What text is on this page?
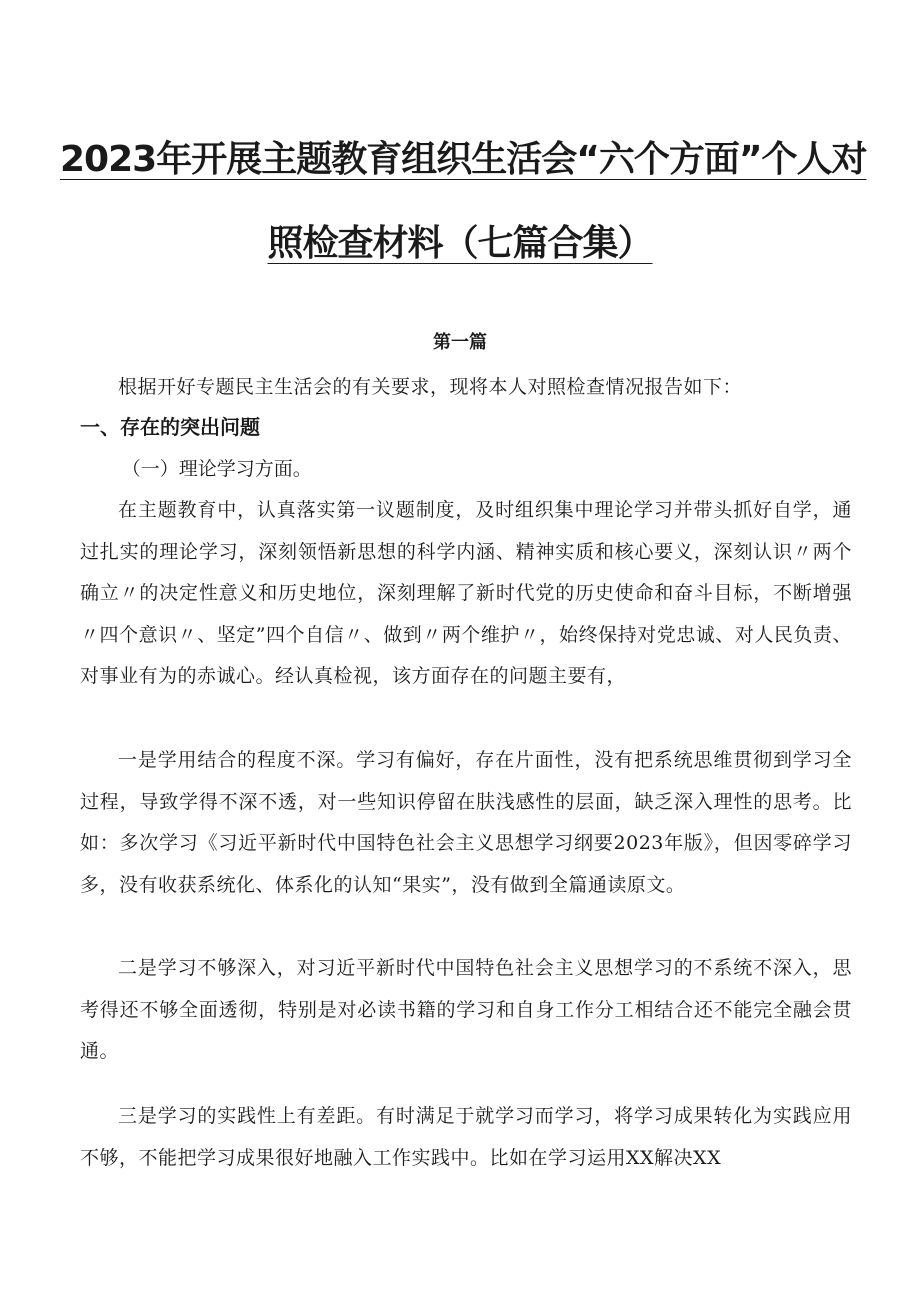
2023年开展主题教育组织生活会“六个方面”个人对
照检查材料（七篇合集）
第一篇

根据开好专题民主生活会的有关要求，现将本人对照检查情况报告如下：

一、存在的突出问题

（一）理论学习方面。

在主题教育中，认真落实第一议题制度，及时组织集中理论学习并带头抓好自学，通过扎实的理论学习，深刻领悟新思想的科学内涵、精神实质和核心要义，深刻认识〃两个确立〃的决定性意义和历史地位，深刻理解了新时代党的历史使命和奋斗目标，不断增强〃四个意识〃、坚定”四个自信〃、做到〃两个维护〃，始终保持对党忠诚、对人民负责、对事业有为的赤诚心。经认真检视，该方面存在的问题主要有，

一是学用结合的程度不深。学习有偏好，存在片面性，没有把系统思维贯彻到学习全过程，导致学得不深不透，对一些知识停留在肤浅感性的层面，缺乏深入理性的思考。比如：多次学习《习近平新时代中国特色社会主义思想学习纲要2023年版》，但因零碎学习多，没有收获系统化、体系化的认知“果实”，没有做到全篇通读原文。

二是学习不够深入，对习近平新时代中国特色社会主义思想学习的不系统不深入，思考得还不够全面透彻，特别是对必读书籍的学习和自身工作分工相结合还不能完全融会贯通。

三是学习的实践性上有差距。有时满足于就学习而学习，将学习成果转化为实践应用不够，不能把学习成果很好地融入工作实践中。比如在学习运用XX解决XX
